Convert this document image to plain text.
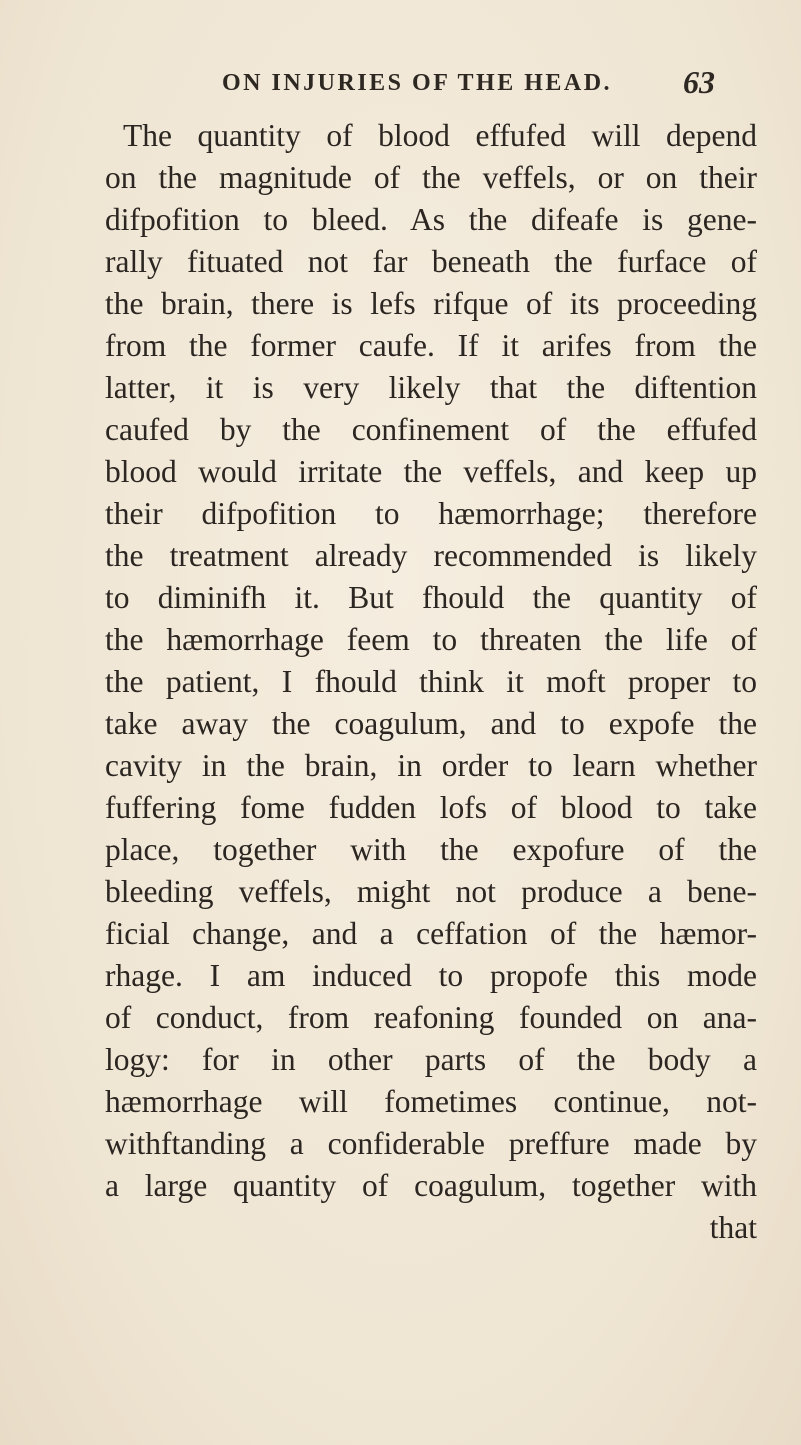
ON INJURIES OF THE HEAD. 63
The quantity of blood effufed will depend
on the magnitude of the veffels, or on their
difpofition to bleed. As the difeafe is gene-
rally fituated not far beneath the furface of
the brain, there is lefs rifque of its proceeding
from the former caufe. If it arifes from the
latter, it is very likely that the diftention
caufed by the confinement of the effufed
blood would irritate the veffels, and keep up
their difpofition to hæmorrhage; therefore
the treatment already recommended is likely
to diminifh it. But fhould the quantity of
the hæmorrhage feem to threaten the life of
the patient, I fhould think it moft proper to
take away the coagulum, and to expofe the
cavity in the brain, in order to learn whether
fuffering fome fudden lofs of blood to take
place, together with the expofure of the
bleeding veffels, might not produce a bene-
ficial change, and a ceffation of the hæmor-
rhage. I am induced to propofe this mode
of conduct, from reafoning founded on ana-
logy: for in other parts of the body a
hæmorrhage will fometimes continue, not-
withftanding a confiderable preffure made by
a large quantity of coagulum, together with
that
